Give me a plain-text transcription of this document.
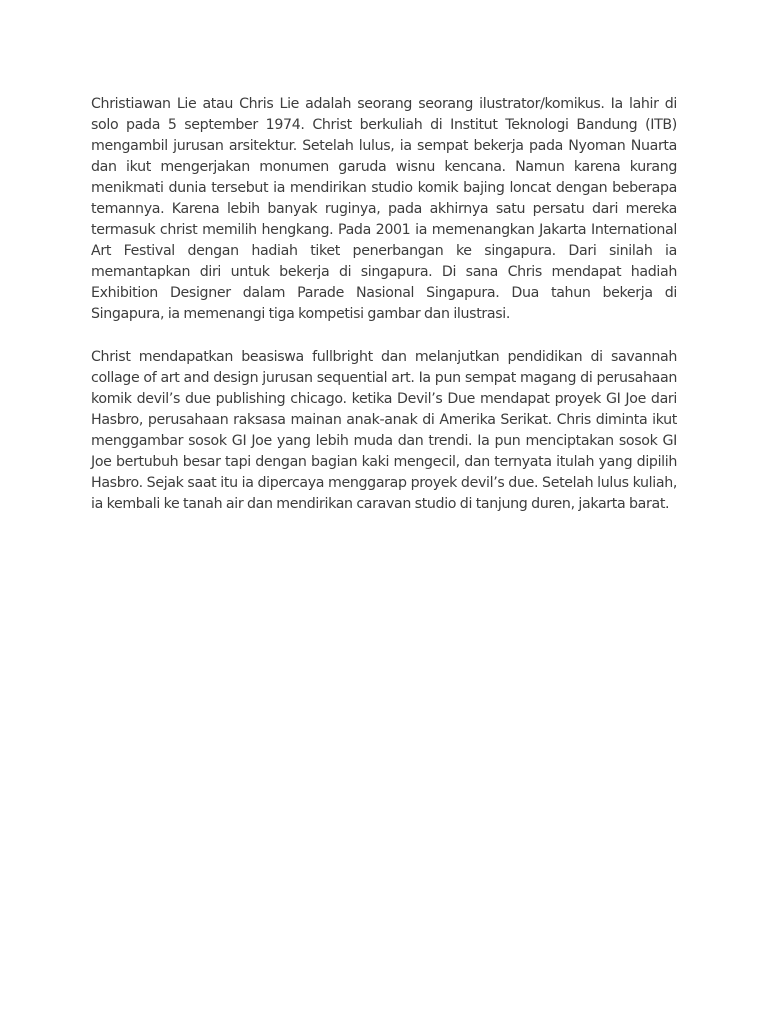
Christiawan Lie atau Chris Lie adalah seorang seorang ilustrator/komikus. Ia lahir di solo pada 5 september 1974. Christ berkuliah di Institut Teknologi Bandung (ITB) mengambil jurusan arsitektur. Setelah lulus, ia sempat bekerja pada Nyoman Nuarta dan ikut mengerjakan monumen garuda wisnu kencana. Namun karena kurang menikmati dunia tersebut ia mendirikan studio komik bajing loncat dengan beberapa temannya. Karena lebih banyak ruginya, pada akhirnya satu persatu dari mereka termasuk christ memilih hengkang. Pada 2001 ia memenangkan Jakarta International Art Festival dengan hadiah tiket penerbangan ke singapura. Dari sinilah ia memantapkan diri untuk bekerja di singapura. Di sana Chris mendapat hadiah Exhibition Designer dalam Parade Nasional Singapura. Dua tahun bekerja di Singapura, ia memenangi tiga kompetisi gambar dan ilustrasi.

Christ mendapatkan beasiswa fullbright dan melanjutkan pendidikan di savannah collage of art and design jurusan sequential art. Ia pun sempat magang di perusahaan komik devil’s due publishing chicago. ketika Devil’s Due mendapat proyek GI Joe dari Hasbro, perusahaan raksasa mainan anak-anak di Amerika Serikat. Chris diminta ikut menggambar sosok GI Joe yang lebih muda dan trendi. Ia pun menciptakan sosok GI Joe bertubuh besar tapi dengan bagian kaki mengecil, dan ternyata itulah yang dipilih Hasbro. Sejak saat itu ia dipercaya menggarap proyek devil’s due. Setelah lulus kuliah, ia kembali ke tanah air dan mendirikan caravan studio di tanjung duren, jakarta barat.
